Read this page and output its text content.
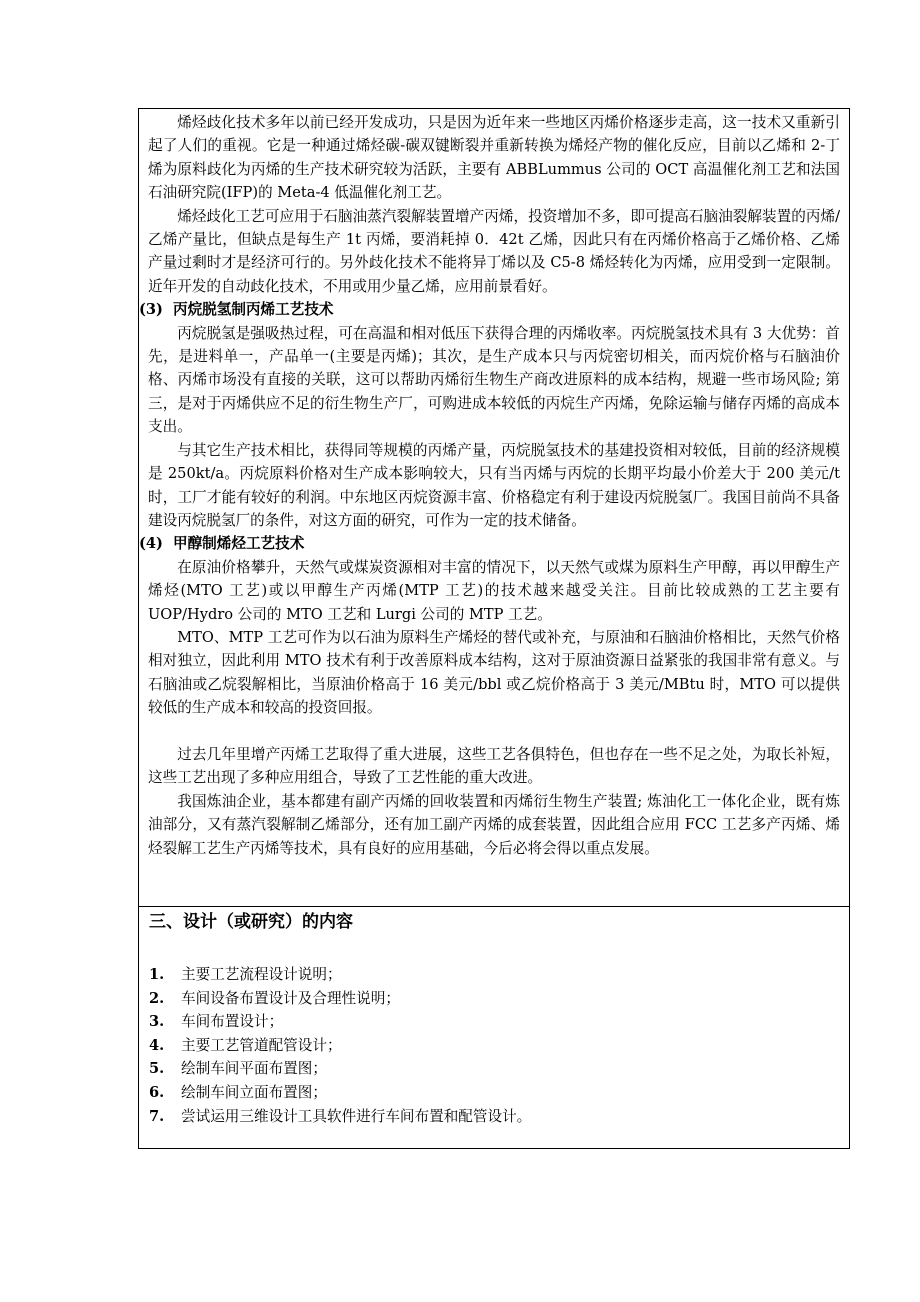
烯烃歧化技术多年以前已经开发成功，只是因为近年来一些地区丙烯价格逐步走高，这一技术又重新引起了人们的重视。它是一种通过烯烃碳-碳双键断裂并重新转换为烯烃产物的催化反应，目前以乙烯和 2-丁烯为原料歧化为丙烯的生产技术研究较为活跃，主要有 ABBLummus 公司的 OCT 高温催化剂工艺和法国石油研究院(IFP)的 Meta-4 低温催化剂工艺。

烯烃歧化工艺可应用于石脑油蒸汽裂解装置增产丙烯，投资增加不多，即可提高石脑油裂解装置的丙烯/乙烯产量比，但缺点是每生产 1t 丙烯，要消耗掉 0．42t 乙烯，因此只有在丙烯价格高于乙烯价格、乙烯产量过剩时才是经济可行的。另外歧化技术不能将异丁烯以及 C5-8 烯烃转化为丙烯，应用受到一定限制。近年开发的自动歧化技术，不用或用少量乙烯，应用前景看好。

(3) 丙烷脱氢制丙烯工艺技术

丙烷脱氢是强吸热过程，可在高温和相对低压下获得合理的丙烯收率。丙烷脱氢技术具有 3 大优势：首先，是进料单一，产品单一(主要是丙烯)；其次，是生产成本只与丙烷密切相关，而丙烷价格与石脑油价格、丙烯市场没有直接的关联，这可以帮助丙烯衍生物生产商改进原料的成本结构，规避一些市场风险; 第三，是对于丙烯供应不足的衍生物生产厂，可购进成本较低的丙烷生产丙烯，免除运输与储存丙烯的高成本支出。

与其它生产技术相比，获得同等规模的丙烯产量，丙烷脱氢技术的基建投资相对较低，目前的经济规模是 250kt/a。丙烷原料价格对生产成本影响较大，只有当丙烯与丙烷的长期平均最小价差大于 200 美元/t 时，工厂才能有较好的利润。中东地区丙烷资源丰富、价格稳定有利于建设丙烷脱氢厂。我国目前尚不具备建设丙烷脱氢厂的条件，对这方面的研究，可作为一定的技术储备。

(4) 甲醇制烯烃工艺技术

在原油价格攀升，天然气或煤炭资源相对丰富的情况下，以天然气或煤为原料生产甲醇，再以甲醇生产烯烃(MTO 工艺)或以甲醇生产丙烯(MTP 工艺)的技术越来越受关注。目前比较成熟的工艺主要有 UOP/Hydro 公司的 MTO 工艺和 Lurgi 公司的 MTP 工艺。

MTO、MTP 工艺可作为以石油为原料生产烯烃的替代或补充，与原油和石脑油价格相比，天然气价格相对独立，因此利用 MTO 技术有利于改善原料成本结构，这对于原油资源日益紧张的我国非常有意义。与石脑油或乙烷裂解相比，当原油价格高于 16 美元/bbl 或乙烷价格高于 3 美元/MBtu 时，MTO 可以提供较低的生产成本和较高的投资回报。

过去几年里增产丙烯工艺取得了重大进展，这些工艺各俱特色，但也存在一些不足之处，为取长补短，这些工艺出现了多种应用组合，导致了工艺性能的重大改进。

我国炼油企业，基本都建有副产丙烯的回收装置和丙烯衍生物生产装置; 炼油化工一体化企业，既有炼油部分，又有蒸汽裂解制乙烯部分，还有加工副产丙烯的成套装置，因此组合应用 FCC 工艺多产丙烯、烯烃裂解工艺生产丙烯等技术，具有良好的应用基础，今后必将会得以重点发展。

三、设计（或研究）的内容
1.	主要工艺流程设计说明；
2.	车间设备布置设计及合理性说明；
3.	车间布置设计；
4.	主要工艺管道配管设计；
5.	绘制车间平面布置图；
6.	绘制车间立面布置图；
7.	尝试运用三维设计工具软件进行车间布置和配管设计。
